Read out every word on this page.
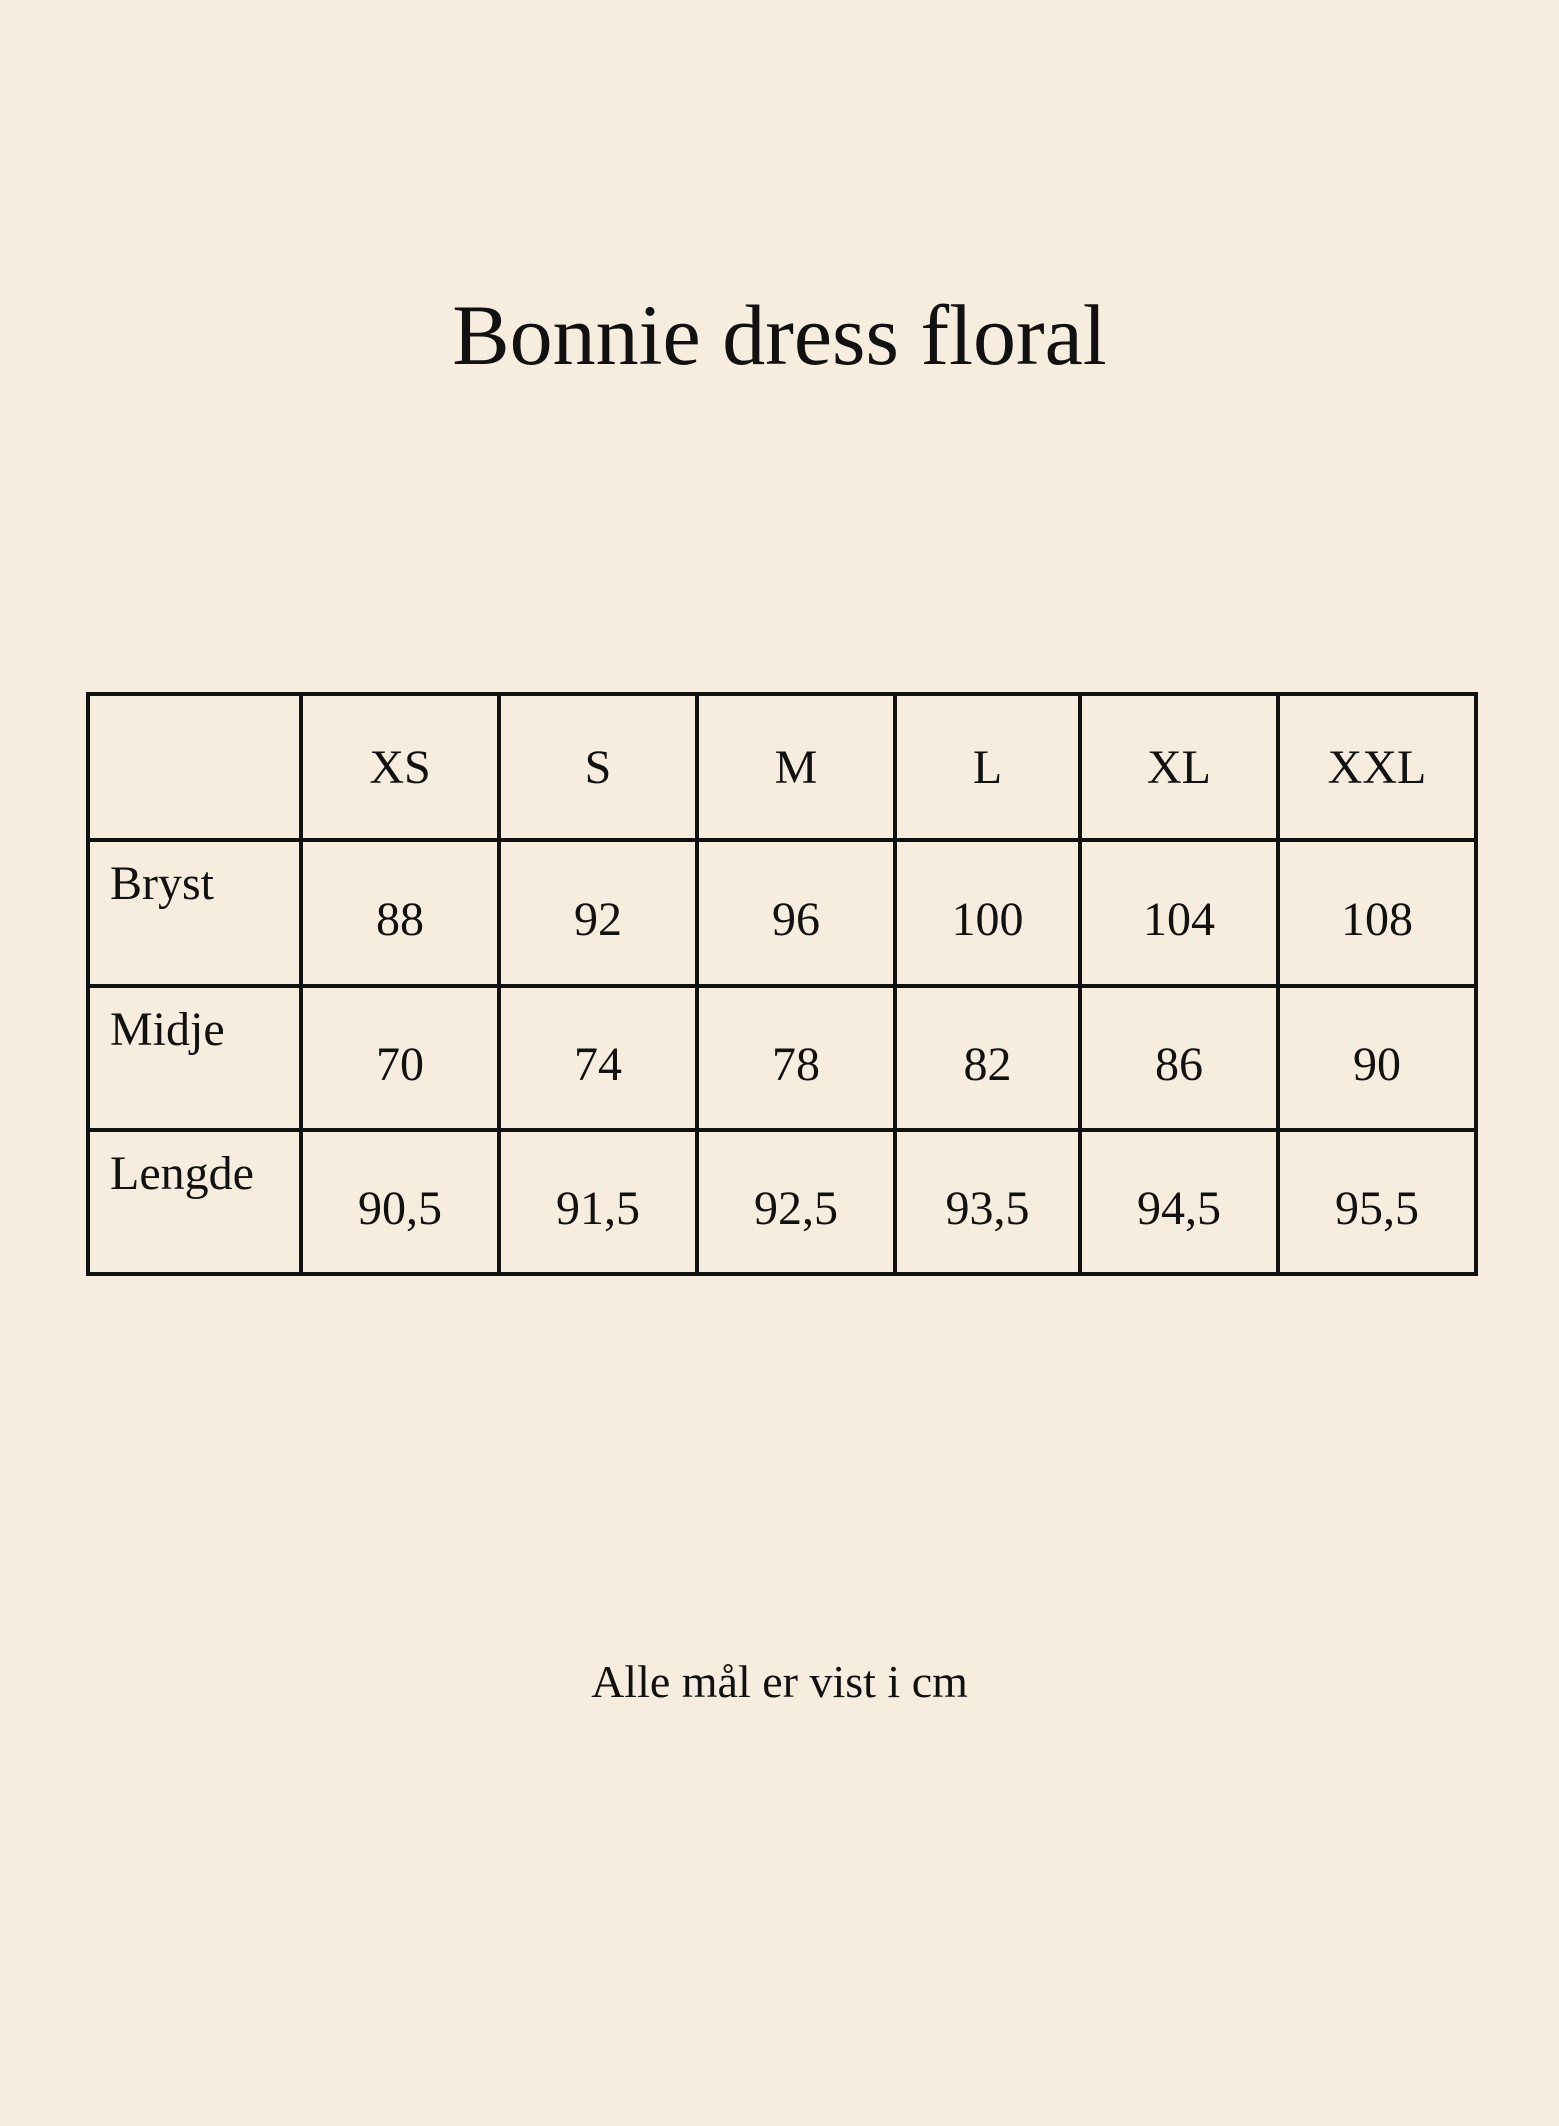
Bonnie dress floral
	XS	S	M	L	XL	XXL
Bryst	88	92	96	100	104	108
Midje	70	74	78	82	86	90
Lengde	90,5	91,5	92,5	93,5	94,5	95,5

Alle mål er vist i cm
